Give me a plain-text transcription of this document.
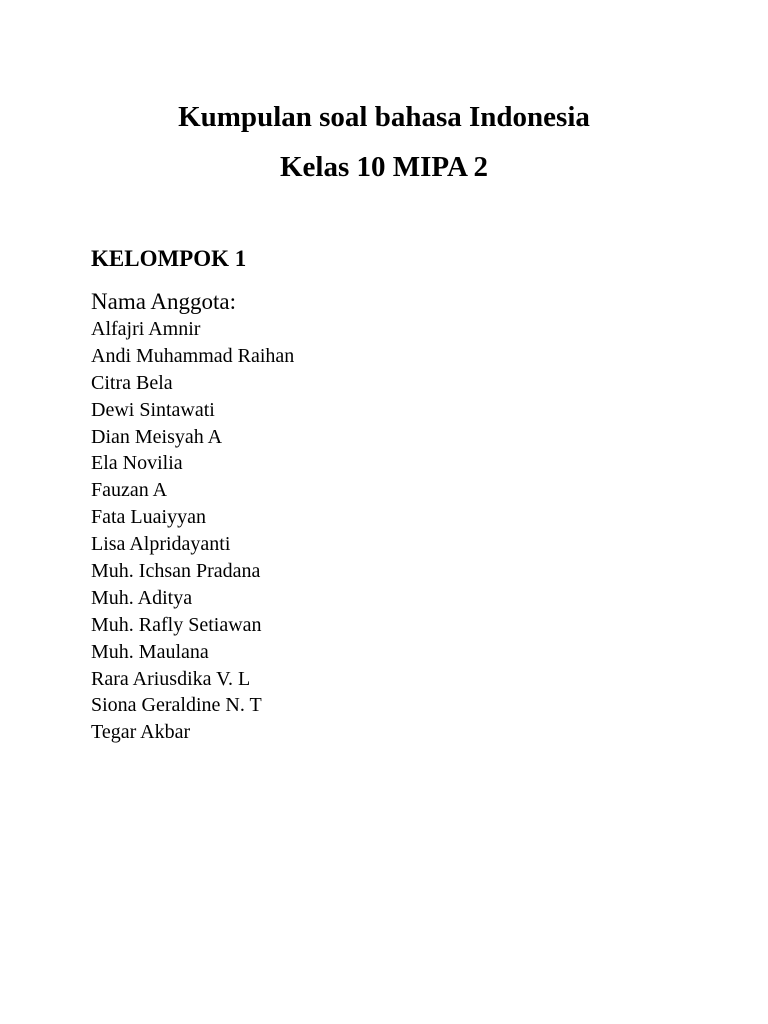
Kumpulan soal bahasa Indonesia
Kelas 10 MIPA 2
KELOMPOK 1
Nama Anggota:
Alfajri Amnir
Andi Muhammad Raihan
Citra Bela
Dewi Sintawati
Dian Meisyah A
Ela Novilia
Fauzan A
Fata Luaiyyan
Lisa Alpridayanti
Muh. Ichsan Pradana
Muh. Aditya
Muh. Rafly Setiawan
Muh. Maulana
Rara Ariusdika V. L
Siona Geraldine N. T
Tegar Akbar
